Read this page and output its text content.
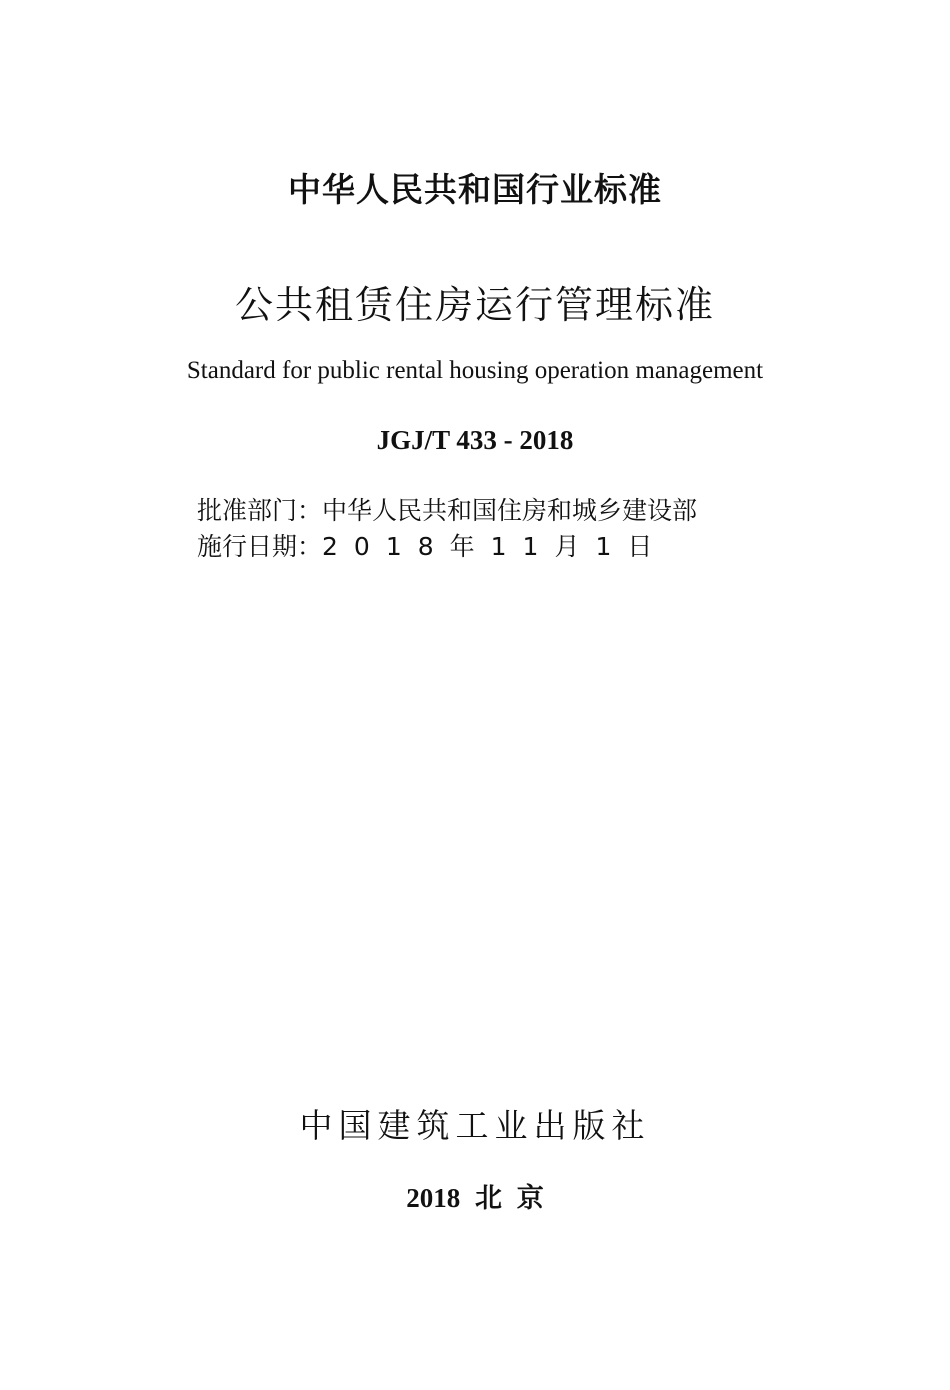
中华人民共和国行业标准
公共租赁住房运行管理标准
Standard for public rental housing operation management
JGJ/T 433 - 2018
批准部门：中华人民共和国住房和城乡建设部
施行日期：2018年11月1日
中国建筑工业出版社
2018 北 京
